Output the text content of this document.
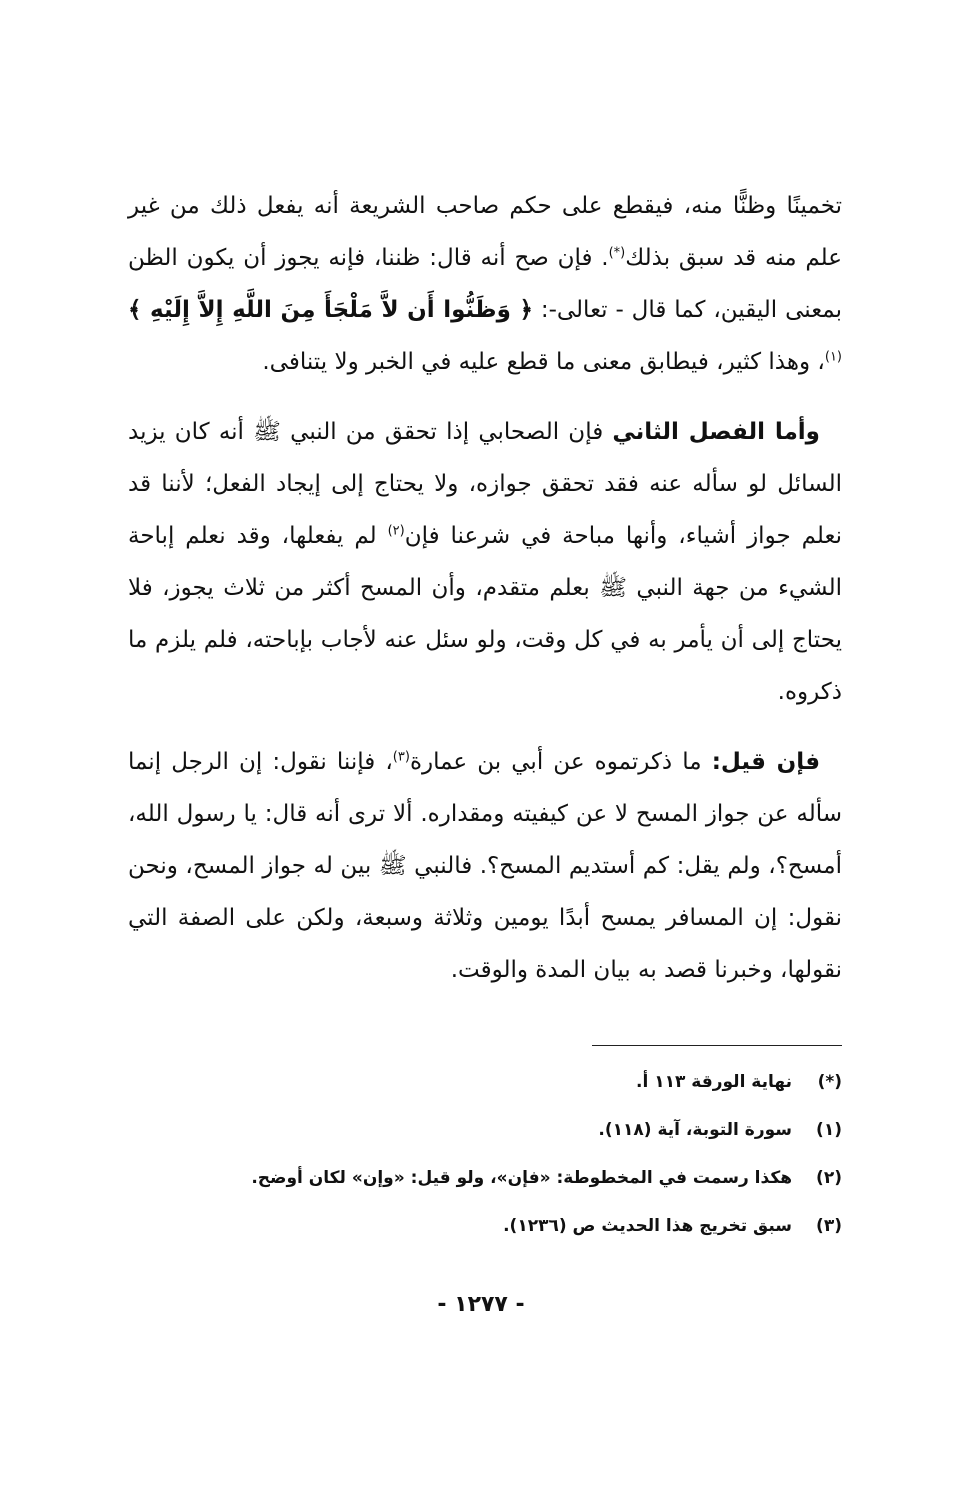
تخمينًا وظنًّا منه، فيقطع على حكم صاحب الشريعة أنه يفعل ذلك من غير علم منه قد سبق بذلك(*). فإن صح أنه قال: ظننا، فإنه يجوز أن يكون الظن بمعنى اليقين، كما قال - تعالى-: ﴿ وَظَنُّوا أَن لاَّ مَلْجَأَ مِنَ اللَّهِ إِلاَّ إِلَيْهِ ﴾$^{(١)}$، وهذا كثير، فيطابق معنى ما قطع عليه في الخبر ولا يتنافى.

وأما الفصل الثاني فإن الصحابي إذا تحقق من النبي ﷺ أنه كان يزيد السائل لو سأله عنه فقد تحقق جوازه، ولا يحتاج إلى إيجاد الفعل؛ لأننا قد نعلم جواز أشياء، وأنها مباحة في شرعنا فإن$^{(٢)}$ لم يفعلها، وقد نعلم إباحة الشيء من جهة النبي ﷺ بعلم متقدم، وأن المسح أكثر من ثلاث يجوز، فلا يحتاج إلى أن يأمر به في كل وقت، ولو سئل عنه لأجاب بإباحته، فلم يلزم ما ذكروه.

فإن قيل: ما ذكرتموه عن أبي بن عمارة$^{(٣)}$، فإننا نقول: إن الرجل إنما سأله عن جواز المسح لا عن كيفيته ومقداره. ألا ترى أنه قال: يا رسول الله، أمسح؟، ولم يقل: كم أستديم المسح؟. فالنبي ﷺ بين له جواز المسح، ونحن نقول: إن المسافر يمسح أبدًا يومين وثلاثة وسبعة، ولكن على الصفة التي نقولها، وخبرنا قصد به بيان المدة والوقت.

(*)
نهاية الورقة ١١٣ أ.
(١)
سورة التوبة، آية (١١٨).
(٢)
هكذا رسمت في المخطوطة: «فإن»، ولو قيل: «وإن» لكان أوضح.
(٣)
سبق تخريج هذا الحديث ص (١٢٣٦).
- ١٢٧٧ -
